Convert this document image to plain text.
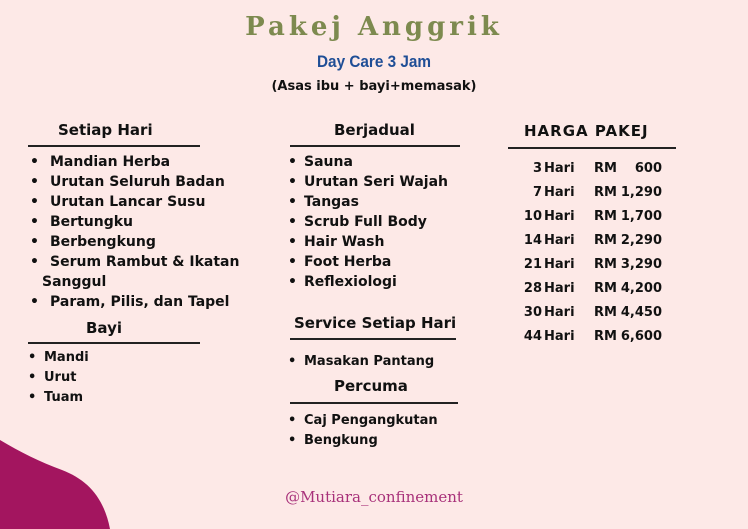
Pakej Anggrik
Day Care 3 Jam
(Asas ibu + bayi+memasak)
Setiap Hari
• Mandian Herba
• Urutan Seluruh Badan
• Urutan Lancar Susu
• Bertungku
• Berbengkung
• Serum Rambut & Ikatan
Sanggul
• Param, Pilis, dan Tapel
Bayi
• Mandi
• Urut
• Tuam
Berjadual
• Sauna
• Urutan Seri Wajah
• Tangas
• Scrub Full Body
• Hair Wash
• Foot Herba
• Reflexiologi
Service Setiap Hari
• Masakan Pantang
Percuma
• Caj Pengangkutan
• Bengkung
HARGA PAKEJ
3 Hari RM 600
7 Hari RM 1,290
10 Hari RM 1,700
14 Hari RM 2,290
21 Hari RM 3,290
28 Hari RM 4,200
30 Hari RM 4,450
44 Hari RM 6,600
@Mutiara_confinement
